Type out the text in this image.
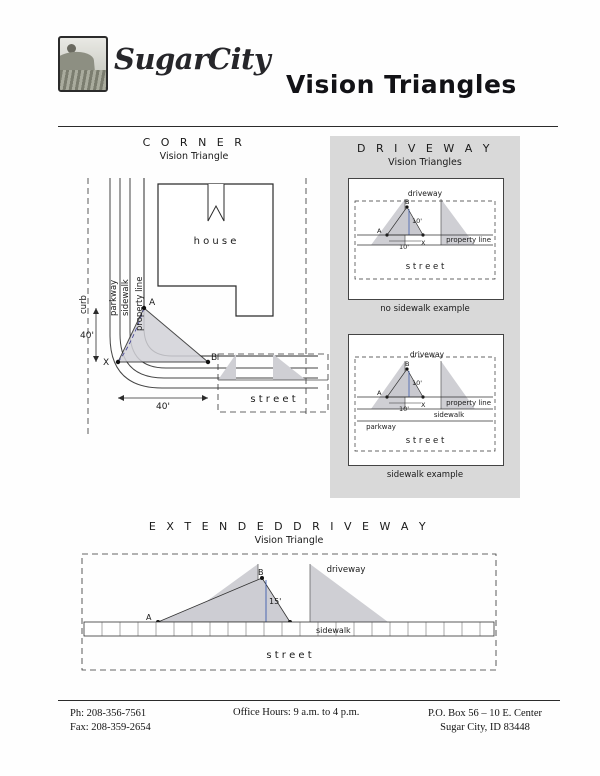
SugarCity
Vision Triangles
C O R N E R
Vision Triangle
h o u s e
A
B
X
40'
40'
parkway sidewalk property line
curb
s t r e e t
D R I V E W A Y
Vision Triangles
driveway
B
A
X
10'
10'
property line
s t r e e t
no sidewalk example
driveway
B
A
X
10'
10'
property line
sidewalk
parkway
s t r e e t
sidewalk example
E X T E N D E D D R I V E W A Y
Vision Triangle
driveway
B
A
15'
sidewalk
s t r e e t
Ph: 208-356-7561
Fax: 208-359-2654
Office Hours: 9 a.m. to 4 p.m.	P.O. Box 56 – 10 E. Center
Sugar City, ID 83448
